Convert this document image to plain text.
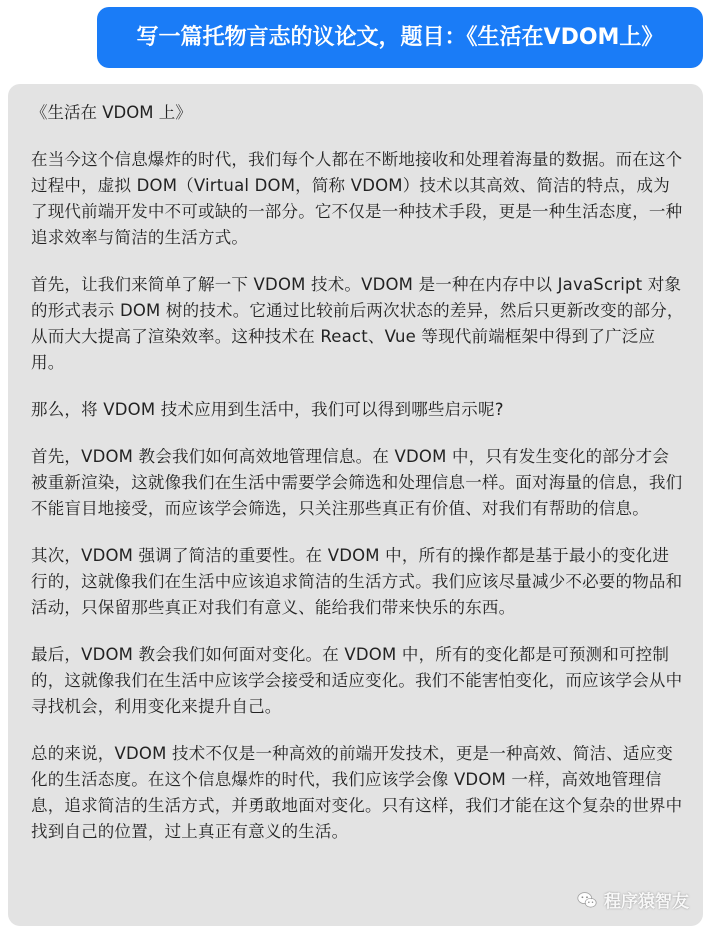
写一篇托物言志的议论文，题目：《生活在VDOM上》

《生活在 VDOM 上》

在当今这个信息爆炸的时代，我们每个人都在不断地接收和处理着海量的数据。而在这个过程中，虚拟 DOM（Virtual DOM，简称 VDOM）技术以其高效、简洁的特点，成为了现代前端开发中不可或缺的一部分。它不仅是一种技术手段，更是一种生活态度，一种追求效率与简洁的生活方式。

首先，让我们来简单了解一下 VDOM 技术。VDOM 是一种在内存中以 JavaScript 对象的形式表示 DOM 树的技术。它通过比较前后两次状态的差异，然后只更新改变的部分，从而大大提高了渲染效率。这种技术在 React、Vue 等现代前端框架中得到了广泛应用。

那么，将 VDOM 技术应用到生活中，我们可以得到哪些启示呢?

首先，VDOM 教会我们如何高效地管理信息。在 VDOM 中，只有发生变化的部分才会被重新渲染，这就像我们在生活中需要学会筛选和处理信息一样。面对海量的信息，我们不能盲目地接受，而应该学会筛选，只关注那些真正有价值、对我们有帮助的信息。

其次，VDOM 强调了简洁的重要性。在 VDOM 中，所有的操作都是基于最小的变化进行的，这就像我们在生活中应该追求简洁的生活方式。我们应该尽量减少不必要的物品和活动，只保留那些真正对我们有意义、能给我们带来快乐的东西。

最后，VDOM 教会我们如何面对变化。在 VDOM 中，所有的变化都是可预测和可控制的，这就像我们在生活中应该学会接受和适应变化。我们不能害怕变化，而应该学会从中寻找机会，利用变化来提升自己。

总的来说，VDOM 技术不仅是一种高效的前端开发技术，更是一种高效、简洁、适应变化的生活态度。在这个信息爆炸的时代，我们应该学会像 VDOM 一样，高效地管理信息，追求简洁的生活方式，并勇敢地面对变化。只有这样，我们才能在这个复杂的世界中找到自己的位置，过上真正有意义的生活。

程序猿智友
